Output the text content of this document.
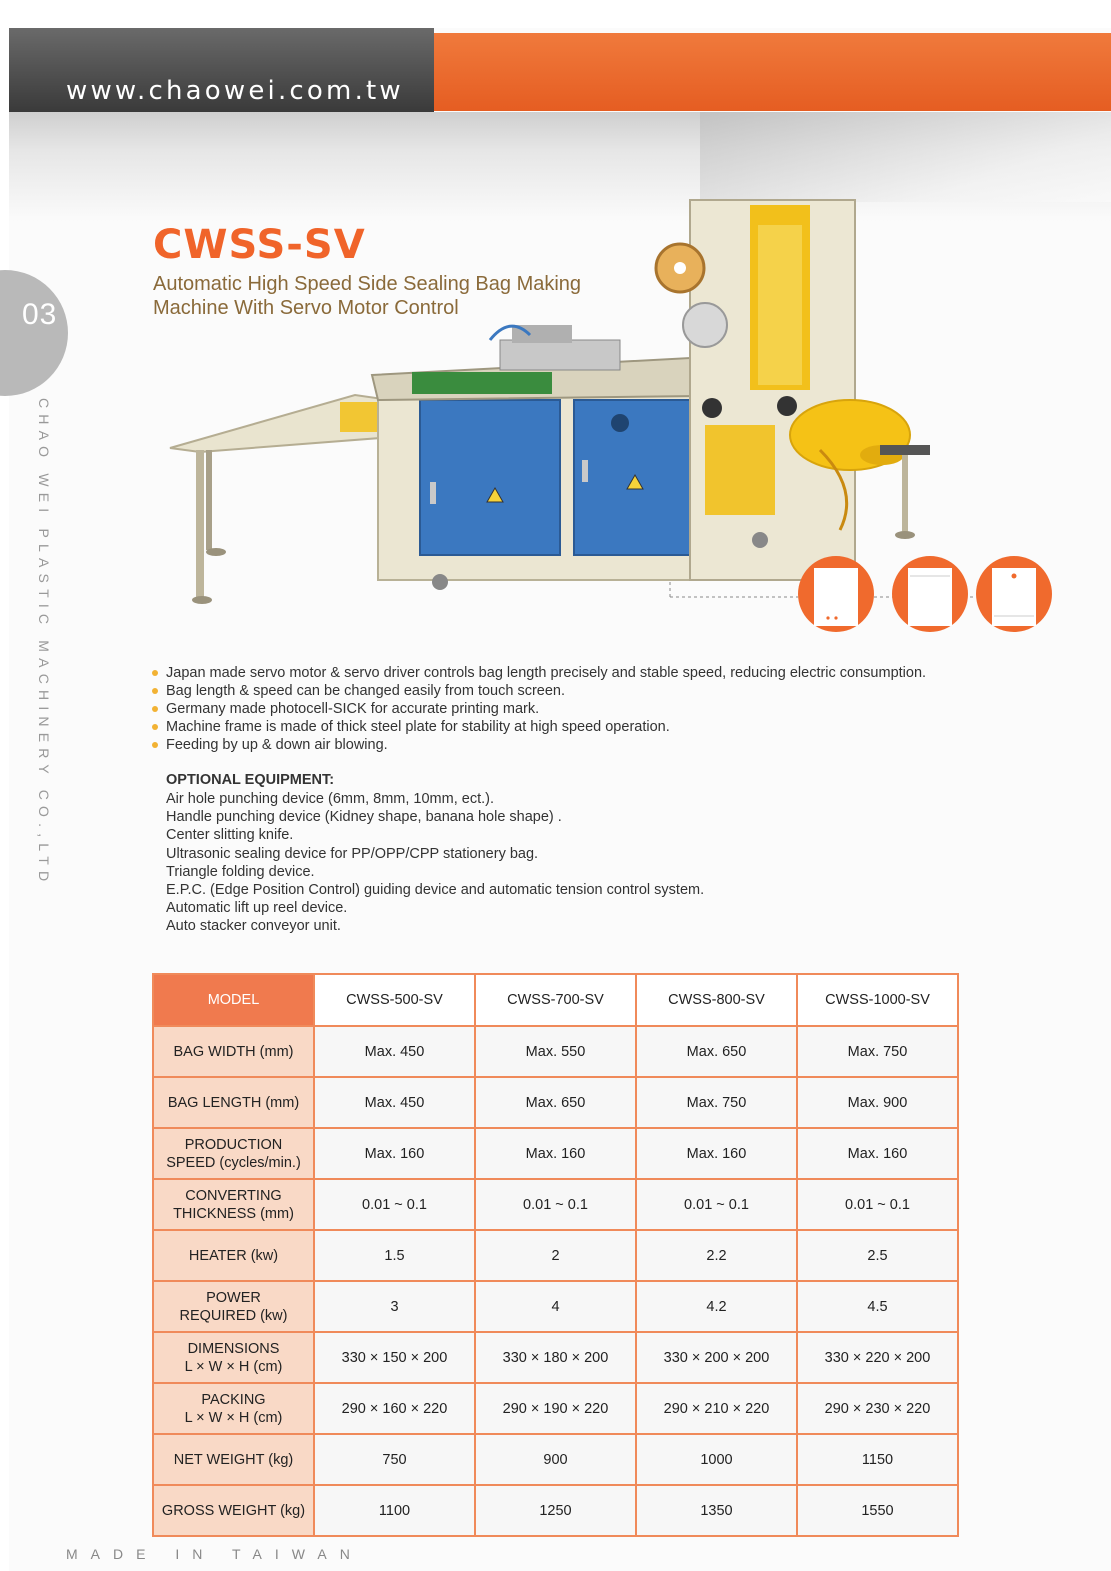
www.chaowei.com.tw
03
CHAO WEI PLASTIC MACHINERY CO.,LTD
CWSS-SV
Automatic High Speed Side Sealing Bag Making
Machine With Servo Motor Control
Japan made servo motor & servo driver controls bag length precisely and stable speed, reducing electric consumption.
Bag length & speed can be changed easily from touch screen.
Germany made photocell-SICK for accurate printing mark.
Machine frame is made of thick steel plate for stability at high speed operation.
Feeding by up & down air blowing.
OPTIONAL EQUIPMENT:
Air hole punching device (6mm, 8mm, 10mm, ect.).
Handle punching device (Kidney shape, banana hole shape) .
Center slitting knife.
Ultrasonic sealing device for PP/OPP/CPP stationery bag.
Triangle folding device.
E.P.C. (Edge Position Control) guiding device and automatic tension control system.
Automatic lift up reel device.
Auto stacker conveyor unit.
MODEL	CWSS-500-SV	CWSS-700-SV	CWSS-800-SV	CWSS-1000-SV

BAG WIDTH (mm)	Max. 450	Max. 550	Max. 650	Max. 750

BAG LENGTH (mm)	Max. 450	Max. 650	Max. 750	Max. 900

PRODUCTION
SPEED (cycles/min.)	Max. 160	Max. 160	Max. 160	Max. 160

CONVERTING
THICKNESS (mm)	0.01 ~ 0.1	0.01 ~ 0.1	0.01 ~ 0.1	0.01 ~ 0.1

HEATER (kw)	1.5	2	2.2	2.5

POWER
REQUIRED (kw)	3	4	4.2	4.5

DIMENSIONS
L × W × H (cm)	330 × 150 × 200	330 × 180 × 200	330 × 200 × 200	330 × 220 × 200

PACKING
L × W × H (cm)	290 × 160 × 220	290 × 190 × 220	290 × 210 × 220	290 × 230 × 220

NET WEIGHT (kg)	750	900	1000	1150

GROSS WEIGHT (kg)	1100	1250	1350	1550
MADE IN TAIWAN
